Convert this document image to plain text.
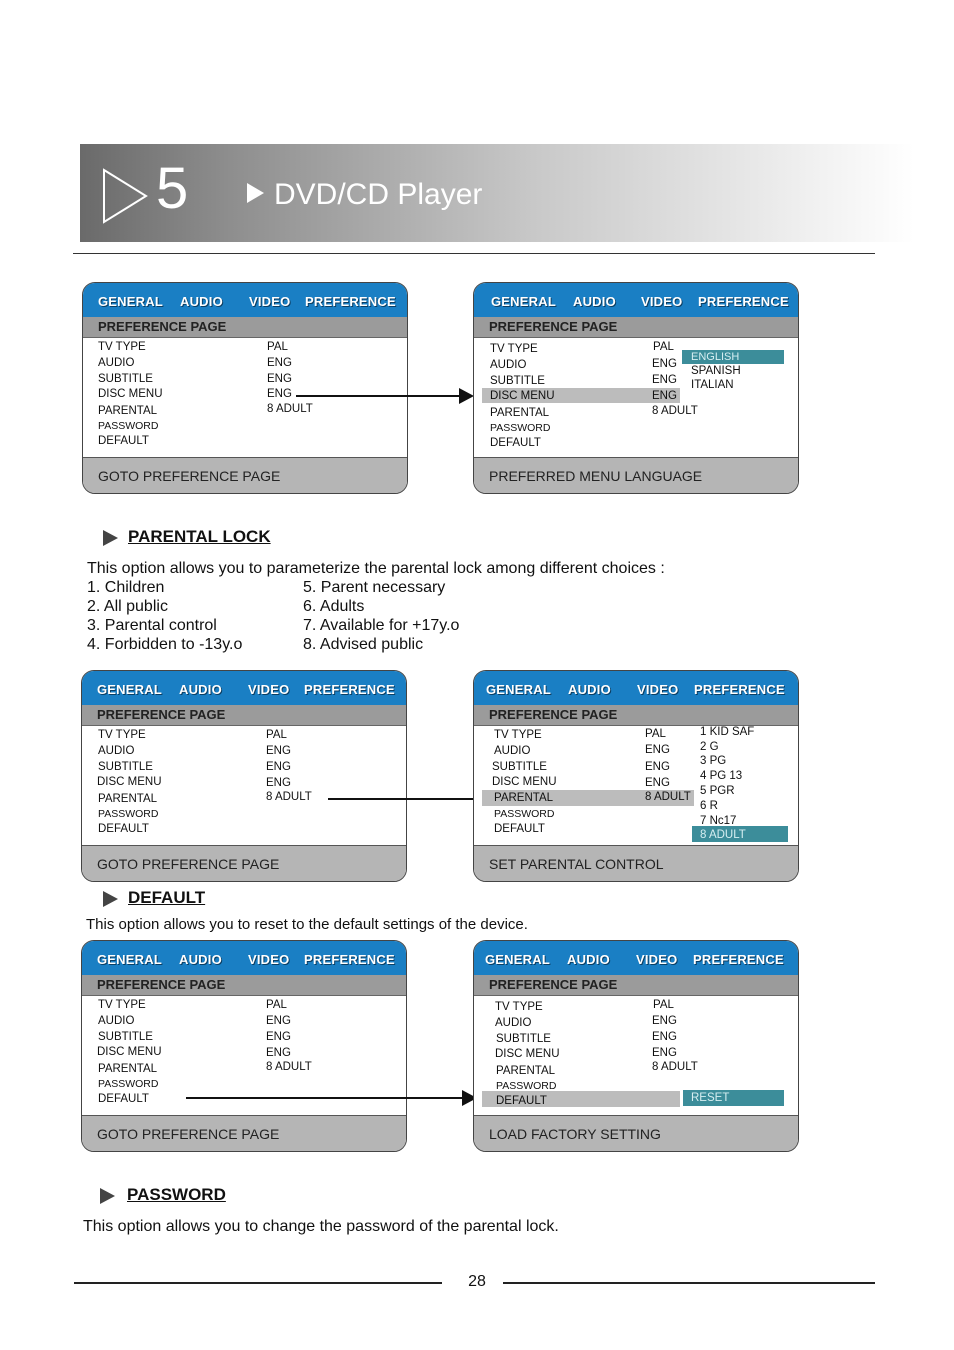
5	DVD/CD Player
GENERAL AUDIO VIDEO PREFERENCE
PREFERENCE PAGE
TV TYPE
AUDIO
SUBTITLE
DISC MENU
PARENTAL
PASSWORD
DEFAULT
PAL
ENG
ENG
ENG
8 ADULT
GOTO PREFERENCE PAGE
GENERAL AUDIO VIDEO PREFERENCE
PREFERENCE PAGE
TV TYPE
AUDIO
SUBTITLE
DISC MENU
PARENTAL
PASSWORD
DEFAULT
PAL
ENG
ENG
ENG
8 ADULT
ENGLISH
SPANISH
ITALIAN
PREFERRED MENU LANGUAGE
PARENTAL LOCK
This option allows you to parameterize the parental lock among different choices :
1. Children
2. All public
3. Parental control
4. Forbidden to -13y.o
5. Parent necessary
6. Adults
7. Available for +17y.o
8. Advised public
GENERAL AUDIO VIDEO PREFERENCE
PREFERENCE PAGE
TV TYPE
AUDIO
SUBTITLE
DISC MENU
PARENTAL
PASSWORD
DEFAULT
PAL
ENG
ENG
ENG
8 ADULT
GOTO PREFERENCE PAGE
GENERAL AUDIO VIDEO PREFERENCE
PREFERENCE PAGE
TV TYPE
AUDIO
SUBTITLE
DISC MENU
PARENTAL
PASSWORD
DEFAULT
PAL
ENG
ENG
ENG
8 ADULT
1 KID SAF
2 G
3 PG
4 PG 13
5 PGR
6 R
7 Nc17
8 ADULT
SET PARENTAL CONTROL
DEFAULT
This option allows you to reset to the default settings of the device.
GENERAL AUDIO VIDEO PREFERENCE
PREFERENCE PAGE
TV TYPE
AUDIO
SUBTITLE
DISC MENU
PARENTAL
PASSWORD
DEFAULT
PAL
ENG
ENG
ENG
8 ADULT
GOTO PREFERENCE PAGE
GENERAL AUDIO VIDEO PREFERENCE
PREFERENCE PAGE
TV TYPE
AUDIO
SUBTITLE
DISC MENU
PARENTAL
PASSWORD
DEFAULT
PAL
ENG
ENG
ENG
8 ADULT
RESET
LOAD FACTORY SETTING
PASSWORD
This option allows you to change the password of the parental lock.
28
